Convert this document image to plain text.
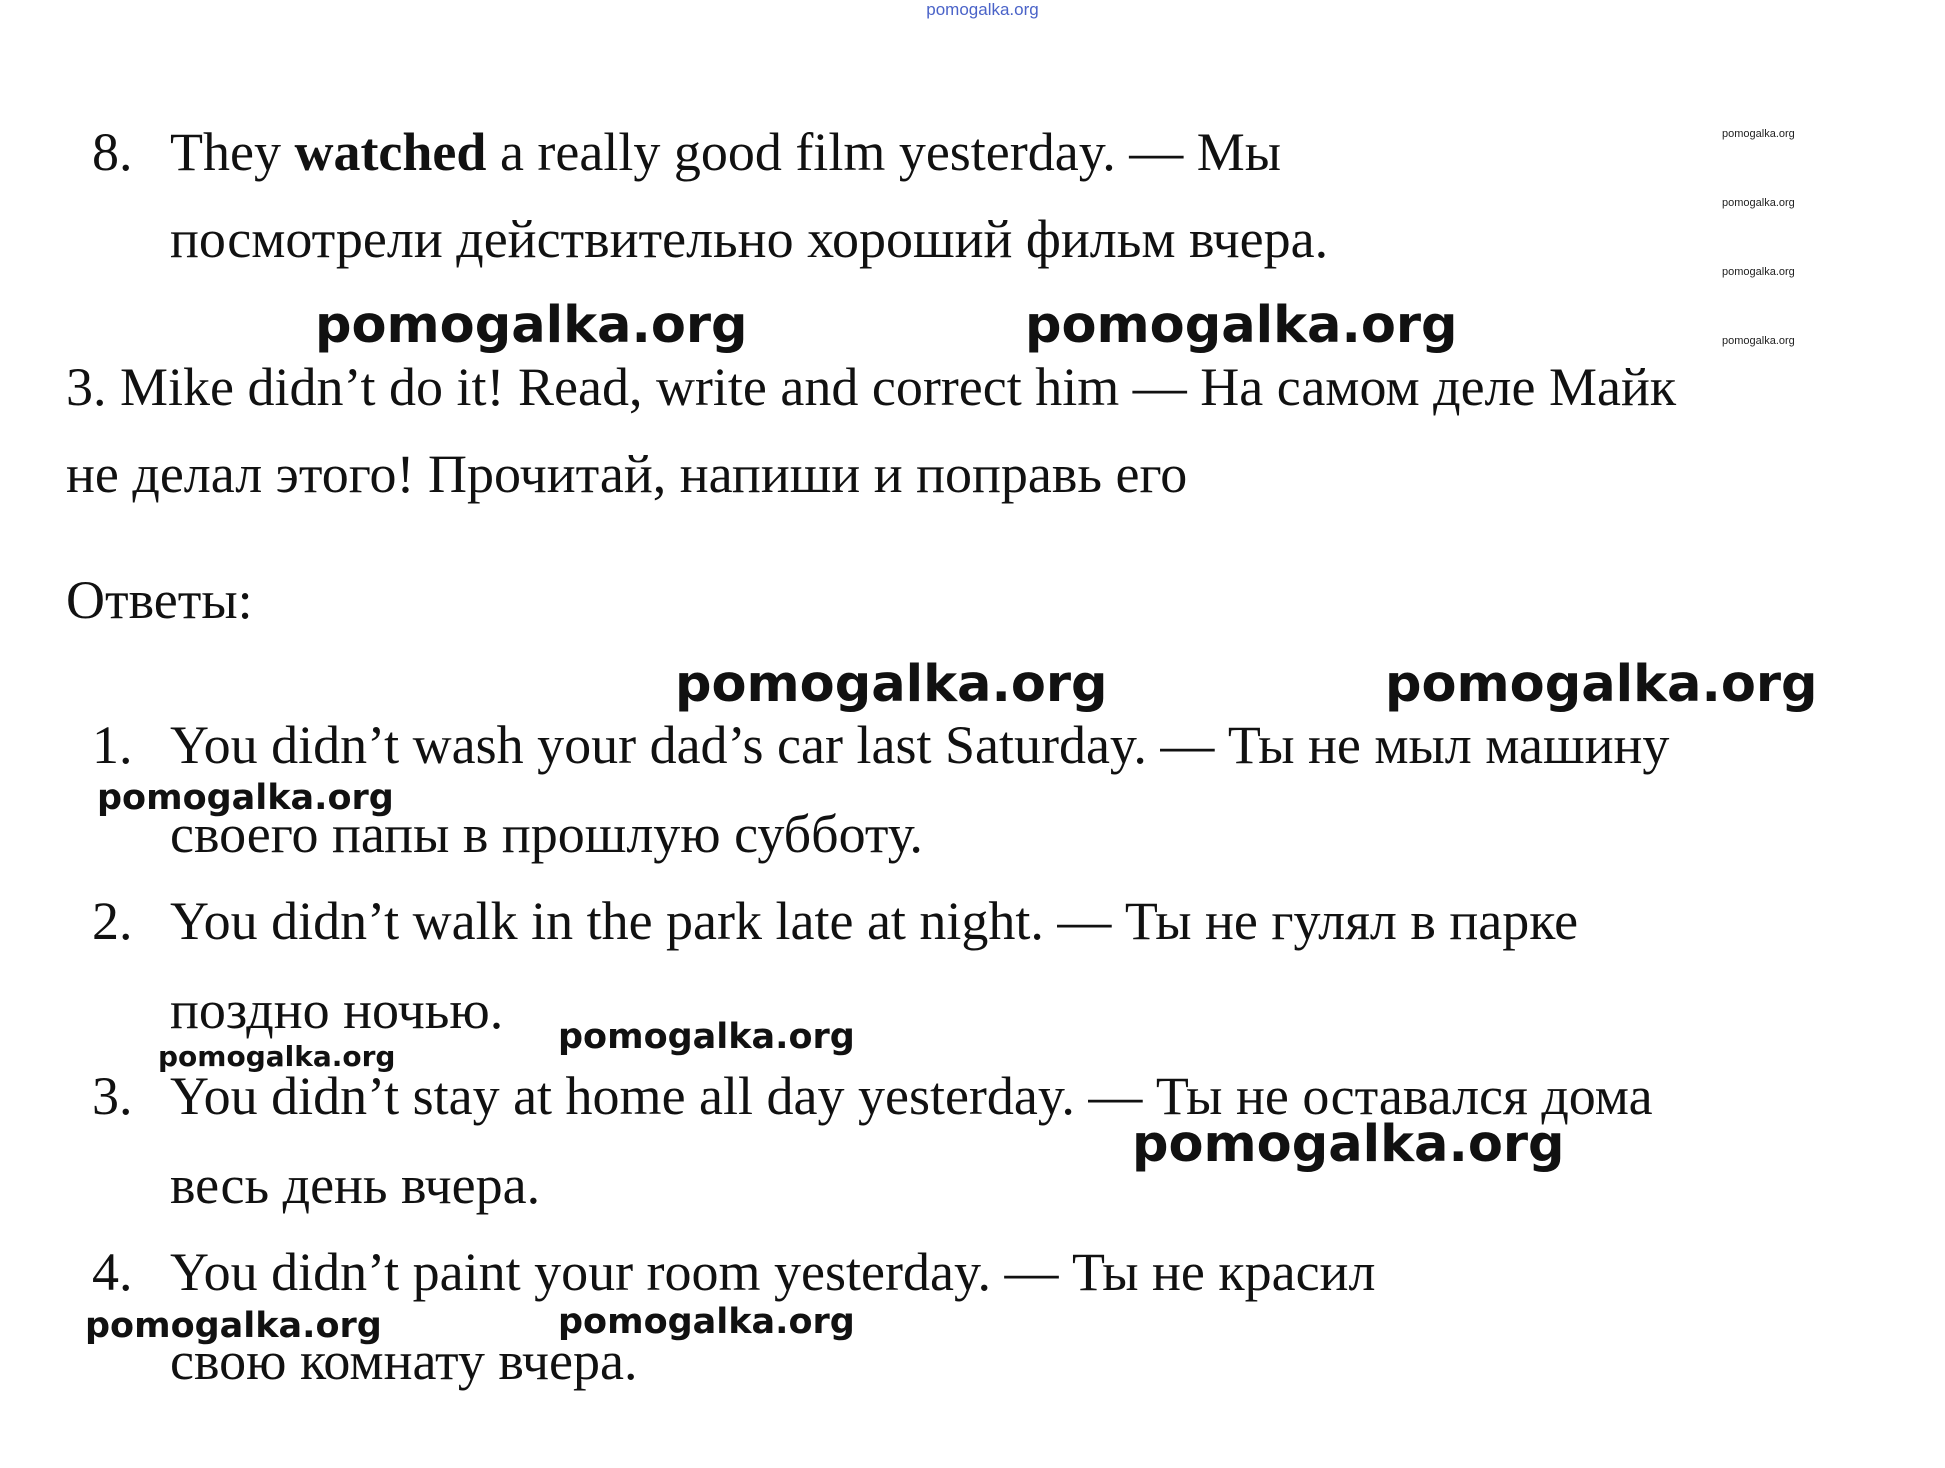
pomogalka.org
pomogalka.org
pomogalka.org
pomogalka.org
pomogalka.org
8. They watched a really good film yesterday. — Мы
посмотрели действительно хороший фильм вчера.
pomogalka.org	pomogalka.org
3. Mike didn’t do it! Read, write and correct him — На самом деле Майк
не делал этого! Прочитай, напиши и поправь его
Ответы:
pomogalka.org	pomogalka.org
1. You didn’t wash your dad’s car last Saturday. — Ты не мыл машину
pomogalka.org
своего папы в прошлую субботу.
2. You didn’t walk in the park late at night. — Ты не гулял в парке
поздно ночью. pomogalka.org
pomogalka.org
3. You didn’t stay at home all day yesterday. — Ты не оставался дома
pomogalka.org
весь день вчера.
4. You didn’t paint your room yesterday. — Ты не красил
pomogalka.org	pomogalka.org
свою комнату вчера.
